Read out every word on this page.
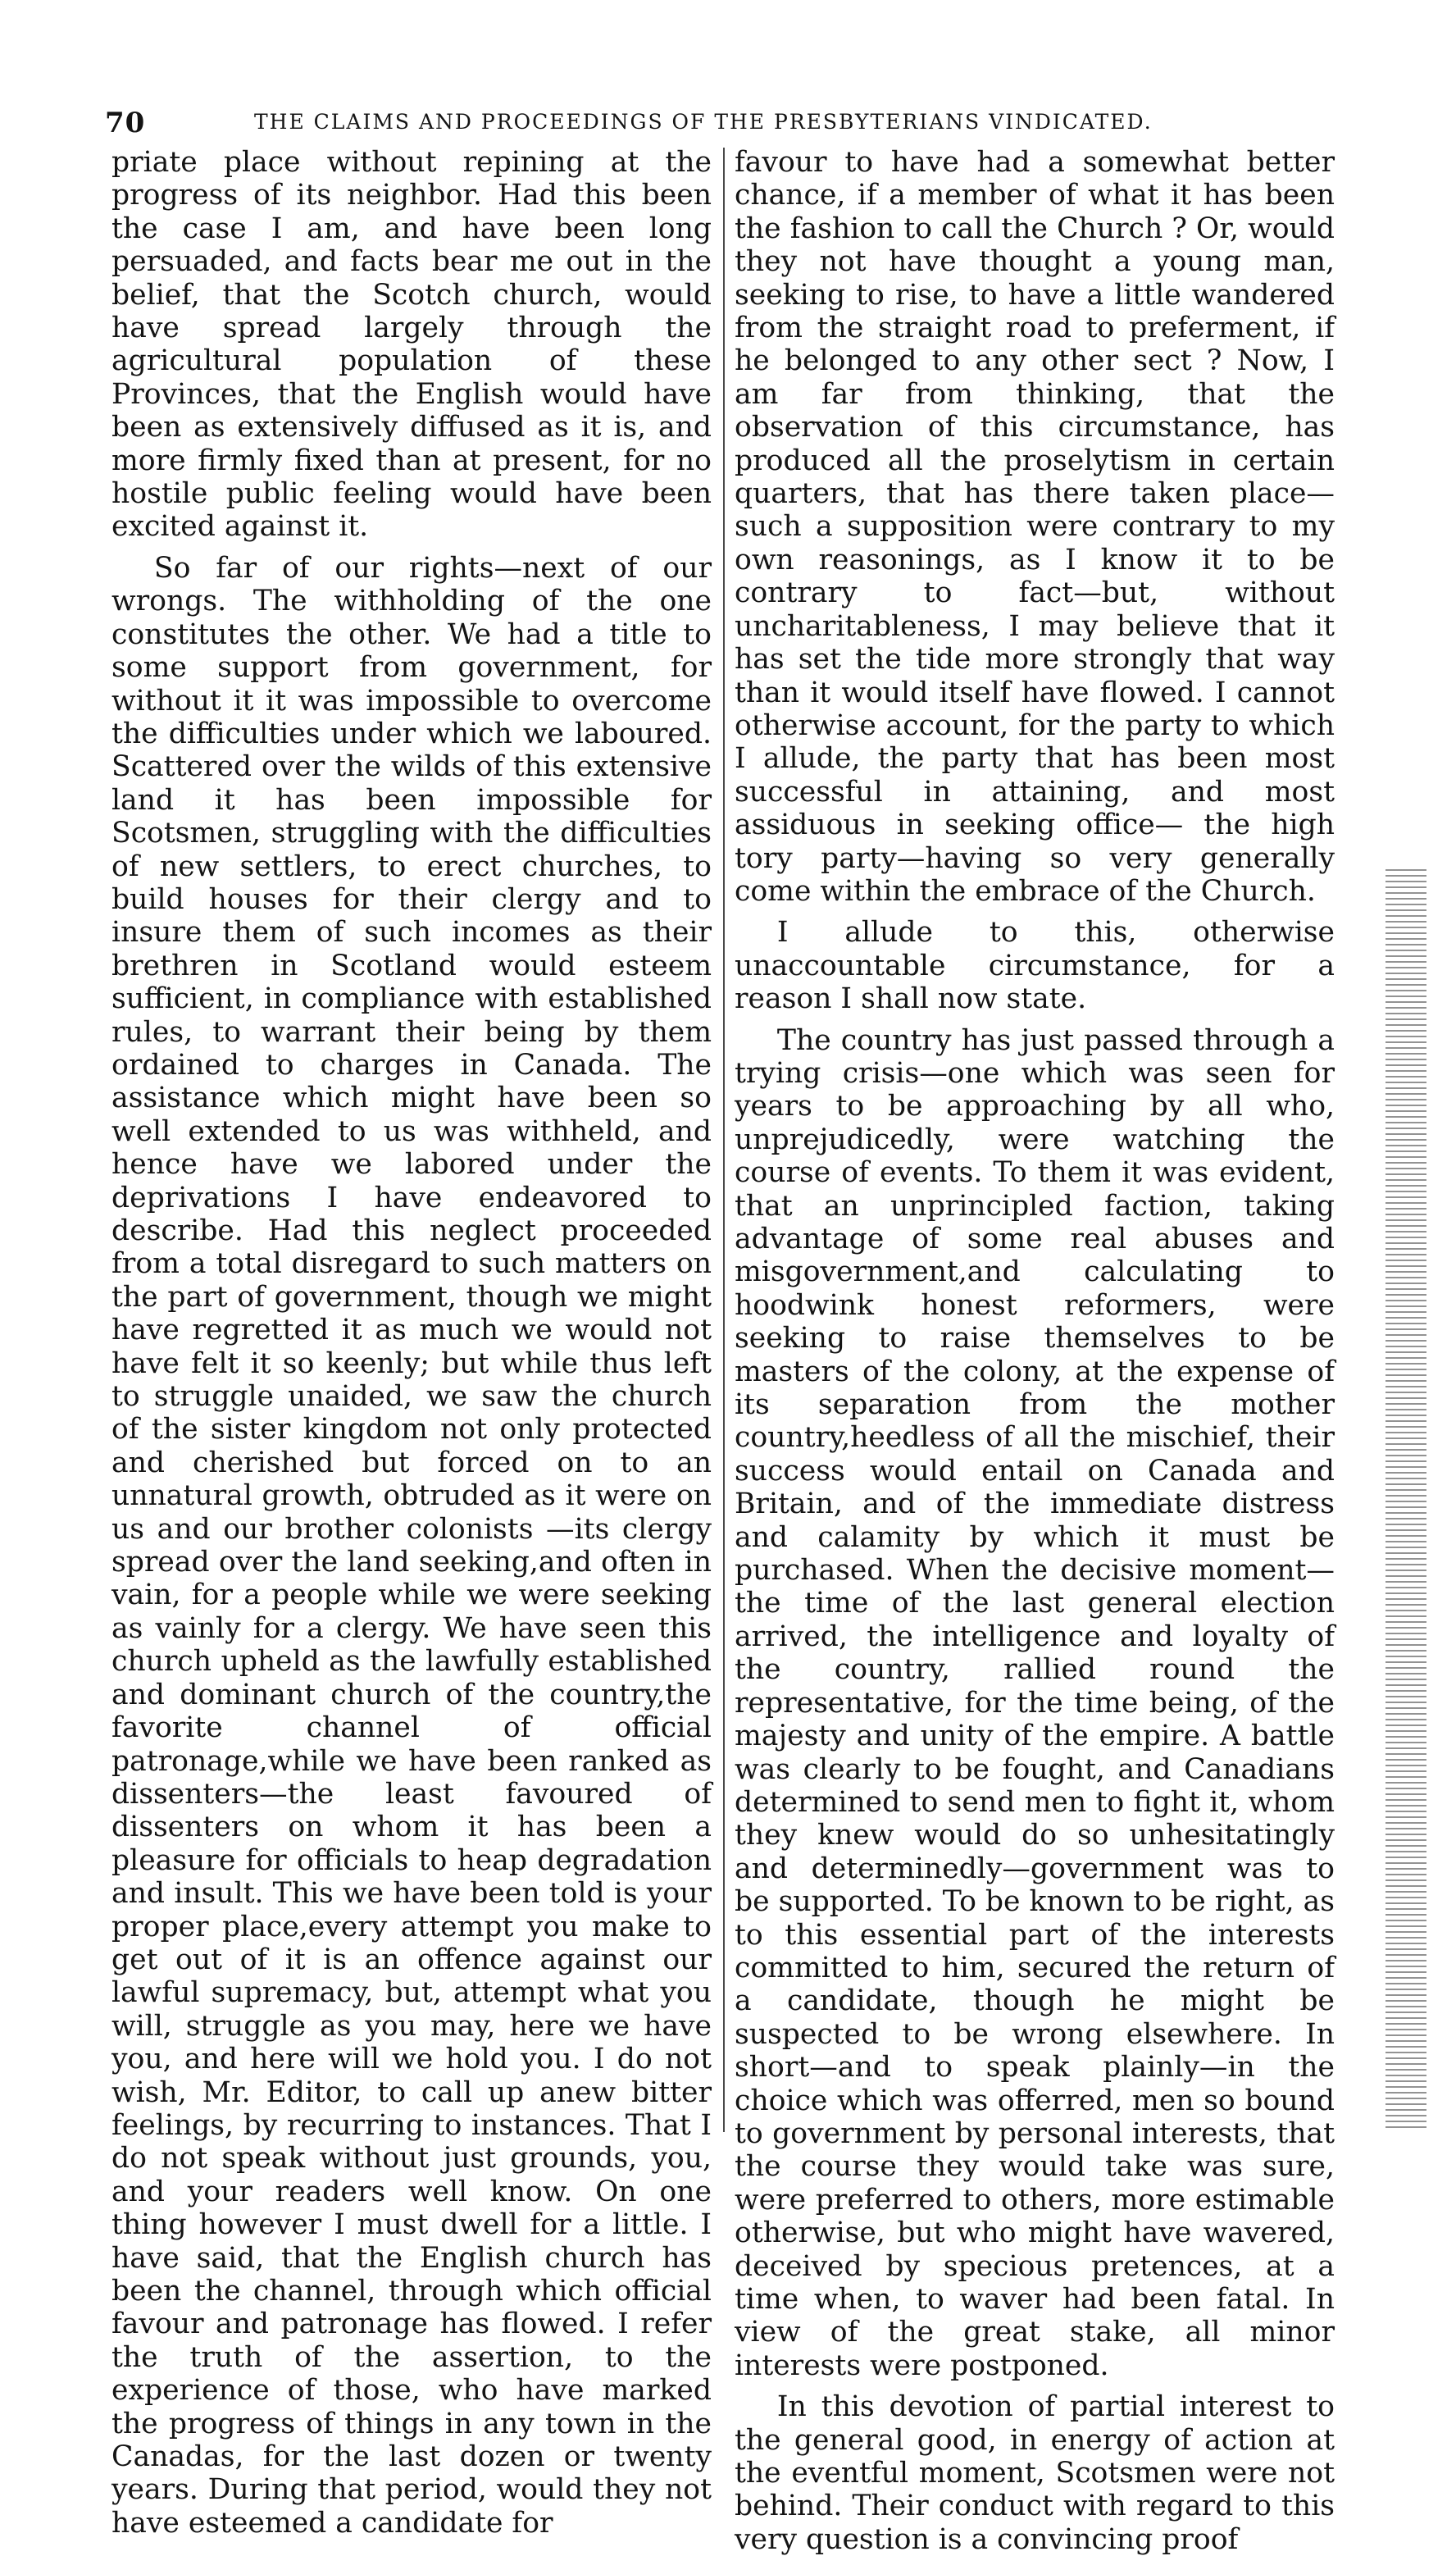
70	THE CLAIMS AND PROCEEDINGS OF THE PRESBYTERIANS VINDICATED.

priate place without repining at the progress of its neighbor. Had this been the case I am, and have been long persuaded, and facts bear me out in the belief, that the Scotch church, would have spread largely through the agricultural population of these Provinces, that the English would have been as extensively diffused as it is, and more firmly fixed than at present, for no hostile public feeling would have been excited against it.

So far of our rights—next of our wrongs. The withholding of the one constitutes the other. We had a title to some support from government, for without it it was impossible to overcome the difficulties under which we laboured. Scattered over the wilds of this extensive land it has been impossible for Scotsmen, struggling with the difficulties of new settlers, to erect churches, to build houses for their clergy and to insure them of such incomes as their brethren in Scotland would esteem sufficient, in compliance with established rules, to warrant their being by them ordained to charges in Canada. The assistance which might have been so well extended to us was withheld, and hence have we labored under the deprivations I have endeavored to describe. Had this neglect proceeded from a total disregard to such matters on the part of government, though we might have regretted it as much we would not have felt it so keenly; but while thus left to struggle unaided, we saw the church of the sister kingdom not only protected and cherished but forced on to an unnatural growth, obtruded as it were on us and our brother colonists —its clergy spread over the land seeking,and often in vain, for a people while we were seeking as vainly for a clergy. We have seen this church upheld as the lawfully established and dominant church of the country,the favorite channel of official patronage,while we have been ranked as dissenters—the least favoured of dissenters on whom it has been a pleasure for officials to heap degradation and insult. This we have been told is your proper place,every attempt you make to get out of it is an offence against our lawful supremacy, but, attempt what you will, struggle as you may, here we have you, and here will we hold you. I do not wish, Mr. Editor, to call up anew bitter feelings, by recurring to instances. That I do not speak without just grounds, you, and your readers well know. On one thing however I must dwell for a little. I have said, that the English church has been the channel, through which official favour and patronage has flowed. I refer the truth of the assertion, to the experience of those, who have marked the progress of things in any town in the Canadas, for the last dozen or twenty years. During that period, would they not have esteemed a candidate for

favour to have had a somewhat better chance, if a member of what it has been the fashion to call the Church ? Or, would they not have thought a young man, seeking to rise, to have a little wandered from the straight road to preferment, if he belonged to any other sect ? Now, I am far from thinking, that the observation of this circumstance, has produced all the proselytism in certain quarters, that has there taken place—such a supposition were contrary to my own reasonings, as I know it to be contrary to fact—but, without uncharitableness, I may believe that it has set the tide more strongly that way than it would itself have flowed. I cannot otherwise account, for the party to which I allude, the party that has been most successful in attaining, and most assiduous in seeking office— the high tory party—having so very generally come within the embrace of the Church.

I allude to this, otherwise unaccountable circumstance, for a reason I shall now state.

The country has just passed through a trying crisis—one which was seen for years to be approaching by all who, unprejudicedly, were watching the course of events. To them it was evident, that an unprincipled faction, taking advantage of some real abuses and misgovernment,and calculating to hoodwink honest reformers, were seeking to raise themselves to be masters of the colony, at the expense of its separation from the mother country,heedless of all the mischief, their success would entail on Canada and Britain, and of the immediate distress and calamity by which it must be purchased. When the decisive moment—the time of the last general election arrived, the intelligence and loyalty of the country, rallied round the representative, for the time being, of the majesty and unity of the empire. A battle was clearly to be fought, and Canadians determined to send men to fight it, whom they knew would do so unhesitatingly and determinedly—government was to be supported. To be known to be right, as to this essential part of the interests committed to him, secured the return of a candidate, though he might be suspected to be wrong elsewhere. In short—and to speak plainly—in the choice which was offerred, men so bound to government by personal interests, that the course they would take was sure, were preferred to others, more estimable otherwise, but who might have wavered, deceived by specious pretences, at a time when, to waver had been fatal. In view of the great stake, all minor interests were postponed.

In this devotion of partial interest to the general good, in energy of action at the eventful moment, Scotsmen were not behind. Their conduct with regard to this very question is a convincing proof
